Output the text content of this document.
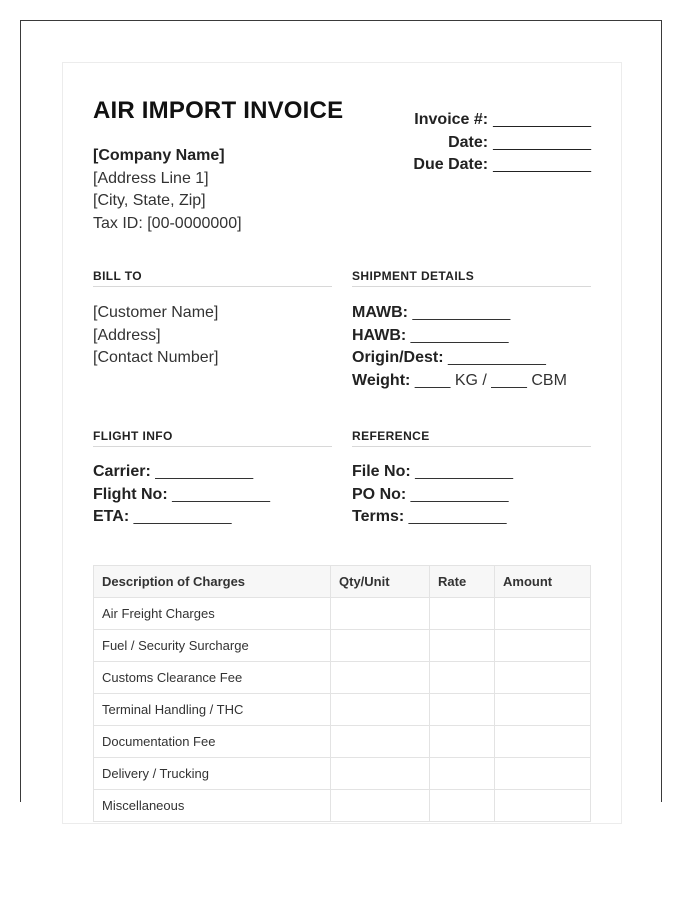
AIR IMPORT INVOICE
[Company Name]
[Address Line 1]
[City, State, Zip]
Tax ID: [00-0000000]
Invoice #: ___________
Date: ___________
Due Date: ___________
BILL TO
[Customer Name]
[Address]
[Contact Number]
SHIPMENT DETAILS
MAWB: ___________
HAWB: ___________
Origin/Dest: ___________
Weight: ____ KG / ____ CBM
FLIGHT INFO
Carrier: ___________
Flight No: ___________
ETA: ___________
REFERENCE
File No: ___________
PO No: ___________
Terms: ___________
Description of Charges	Qty/Unit	Rate	Amount
Air Freight Charges			
Fuel / Security Surcharge			
Customs Clearance Fee			
Terminal Handling / THC			
Documentation Fee			
Delivery / Trucking			
Miscellaneous			
